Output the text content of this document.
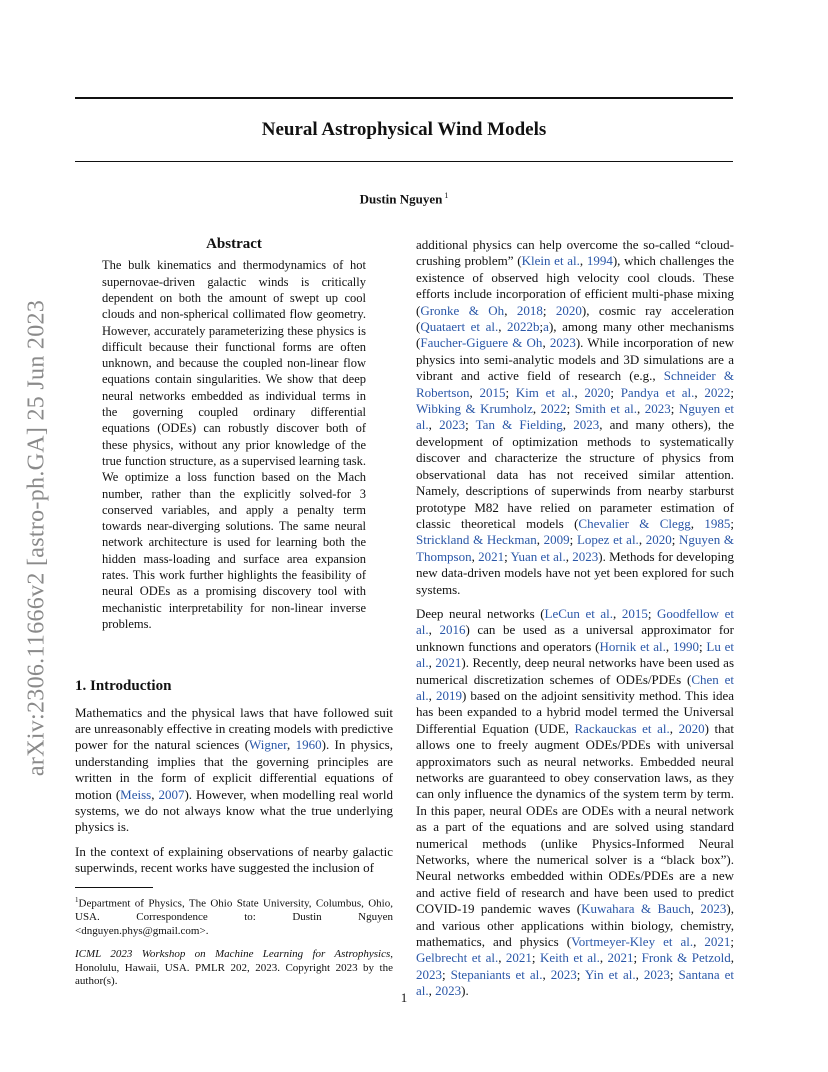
Neural Astrophysical Wind Models
Dustin Nguyen $^1$
arXiv:2306.11666v2 [astro-ph.GA] 25 Jun 2023
Abstract
The bulk kinematics and thermodynamics of hot supernovae-driven galactic winds is critically dependent on both the amount of swept up cool clouds and non-spherical collimated flow geometry. However, accurately parameterizing these physics is difficult because their functional forms are often unknown, and because the coupled non-linear flow equations contain singularities. We show that deep neural networks embedded as individual terms in the governing coupled ordinary differential equations (ODEs) can robustly discover both of these physics, without any prior knowledge of the true function structure, as a supervised learning task. We optimize a loss function based on the Mach number, rather than the explicitly solved-for 3 conserved variables, and apply a penalty term towards near-diverging solutions. The same neural network architecture is used for learning both the hidden mass-loading and surface area expansion rates. This work further highlights the feasibility of neural ODEs as a promising discovery tool with mechanistic interpretability for non-linear inverse problems.
1. Introduction

Mathematics and the physical laws that have followed suit are unreasonably effective in creating models with predictive power for the natural sciences (Wigner, 1960). In physics, understanding implies that the governing principles are written in the form of explicit differential equations of motion (Meiss, 2007). However, when modelling real world systems, we do not always know what the true underlying physics is.

In the context of explaining observations of nearby galactic superwinds, recent works have suggested the inclusion of

$^1$Department of Physics, The Ohio State University, Columbus, Ohio, USA. Correspondence to: Dustin Nguyen <dnguyen.phys@gmail.com>.

ICML 2023 Workshop on Machine Learning for Astrophysics, Honolulu, Hawaii, USA. PMLR 202, 2023. Copyright 2023 by the author(s).

additional physics can help overcome the so-called “cloud-crushing problem” (Klein et al., 1994), which challenges the existence of observed high velocity cool clouds. These efforts include incorporation of efficient multi-phase mixing (Gronke & Oh, 2018; 2020), cosmic ray acceleration (Quataert et al., 2022b;a), among many other mechanisms (Faucher-Giguere & Oh, 2023). While incorporation of new physics into semi-analytic models and 3D simulations are a vibrant and active field of research (e.g., Schneider & Robertson, 2015; Kim et al., 2020; Pandya et al., 2022; Wibking & Krumholz, 2022; Smith et al., 2023; Nguyen et al., 2023; Tan & Fielding, 2023, and many others), the development of optimization methods to systematically discover and characterize the structure of physics from observational data has not received similar attention. Namely, descriptions of superwinds from nearby starburst prototype M82 have relied on parameter estimation of classic theoretical models (Chevalier & Clegg, 1985; Strickland & Heckman, 2009; Lopez et al., 2020; Nguyen & Thompson, 2021; Yuan et al., 2023). Methods for developing new data-driven models have not yet been explored for such systems.

Deep neural networks (LeCun et al., 2015; Goodfellow et al., 2016) can be used as a universal approximator for unknown functions and operators (Hornik et al., 1990; Lu et al., 2021). Recently, deep neural networks have been used as numerical discretization schemes of ODEs/PDEs (Chen et al., 2019) based on the adjoint sensitivity method. This idea has been expanded to a hybrid model termed the Universal Differential Equation (UDE, Rackauckas et al., 2020) that allows one to freely augment ODEs/PDEs with universal approximators such as neural networks. Embedded neural networks are guaranteed to obey conservation laws, as they can only influence the dynamics of the system term by term. In this paper, neural ODEs are ODEs with a neural network as a part of the equations and are solved using standard numerical methods (unlike Physics-Informed Neural Networks, where the numerical solver is a “black box”). Neural networks embedded within ODEs/PDEs are a new and active field of research and have been used to predict COVID-19 pandemic waves (Kuwahara & Bauch, 2023), and various other applications within biology, chemistry, mathematics, and physics (Vortmeyer-Kley et al., 2021; Gelbrecht et al., 2021; Keith et al., 2021; Fronk & Petzold, 2023; Stepaniants et al., 2023; Yin et al., 2023; Santana et al., 2023).

1
